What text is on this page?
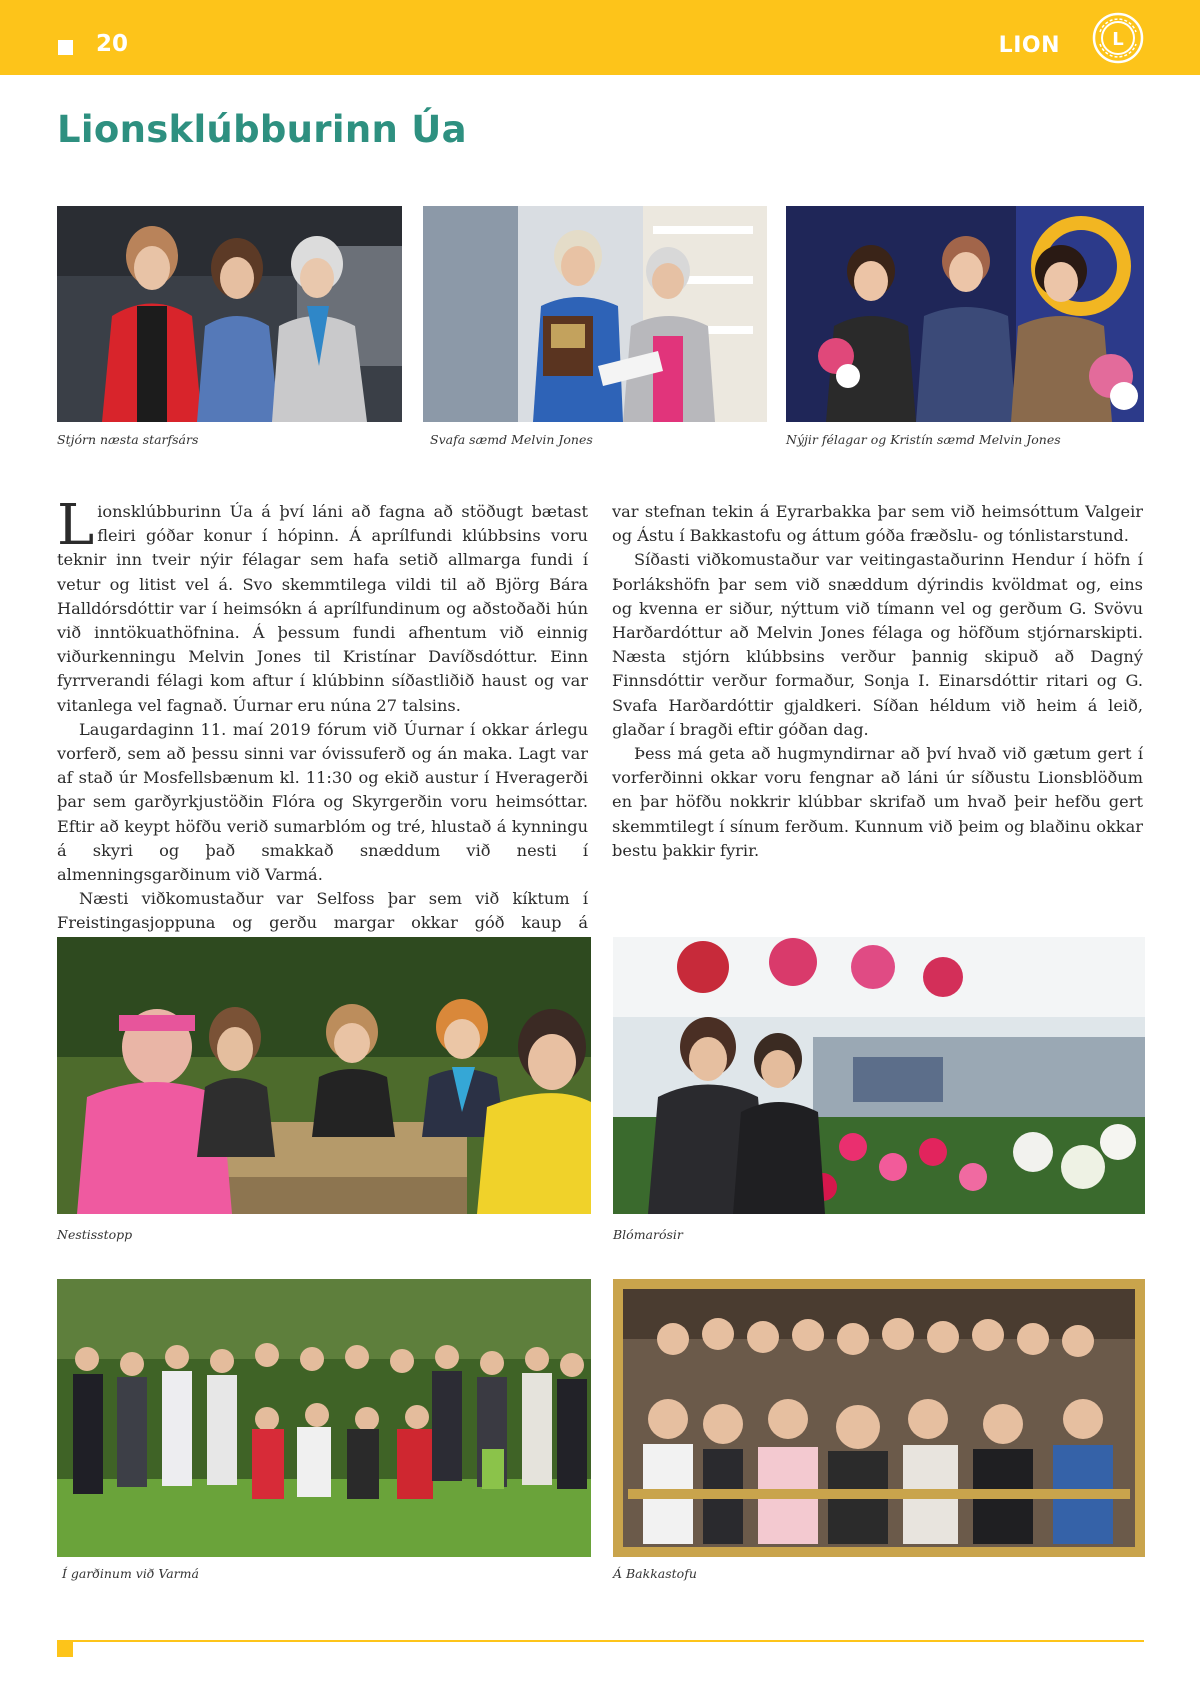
20	LION	L
Lionsklúbburinn Úa
Stjórn næsta starfsárs	Svafa sæmd Melvin Jones	Nýjir félagar og Kristín sæmd Melvin Jones

Lionsklúbburinn Úa á því láni að fagna að stöðugt bætast fleiri góðar konur í hópinn. Á aprílfundi klúbbsins voru teknir inn tveir nýir félagar sem hafa setið allmarga fundi í vetur og litist vel á. Svo skemmtilega vildi til að Björg Bára Halldórsdóttir var í heimsókn á aprílfundinum og aðstoðaði hún við inntökuathöfnina. Á þessum fundi afhentum við einnig viðurkenningu Melvin Jones til Kristínar Davíðsdóttur. Einn fyrrverandi félagi kom aftur í klúbbinn síðastliðið haust og var vitanlega vel fagnað. Úurnar eru núna 27 talsins.

Laugardaginn 11. maí 2019 fórum við Úurnar í okkar árlegu vorferð, sem að þessu sinni var óvissuferð og án maka. Lagt var af stað úr Mosfellsbænum kl. 11:30 og ekið austur í Hveragerði þar sem garðyrkjustöðin Flóra og Skyrgerðin voru heimsóttar. Eftir að keypt höfðu verið sumarblóm og tré, hlustað á kynningu á skyri og það smakkað snæddum við nesti í almenningsgarðinum við Varmá.

Næsti viðkomustaður var Selfoss þar sem við kíktum í Freistingasjoppuna og gerðu margar okkar góð kaup á

var stefnan tekin á Eyrarbakka þar sem við heimsóttum Valgeir og Ástu í Bakkastofu og áttum góða fræðslu- og tónlistarstund.

Síðasti viðkomustaður var veitingastaðurinn Hendur í höfn í Þorlákshöfn þar sem við snæddum dýrindis kvöldmat og, eins og kvenna er siður, nýttum við tímann vel og gerðum G. Svövu Harðardóttur að Melvin Jones félaga og höfðum stjórnarskipti. Næsta stjórn klúbbsins verður þannig skipuð að Dagný Finnsdóttir verður formaður, Sonja I. Einarsdóttir ritari og G. Svafa Harðardóttir gjaldkeri. Síðan héldum við heim á leið, glaðar í bragði eftir góðan dag.

Þess má geta að hugmyndirnar að því hvað við gætum gert í vorferðinni okkar voru fengnar að láni úr síðustu Lionsblöðum en þar höfðu nokkrir klúbbar skrifað um hvað þeir hefðu gert skemmtilegt í sínum ferðum. Kunnum við þeim og blaðinu okkar bestu þakkir fyrir.

Nestisstopp	Blómarósir
Í garðinum við Varmá	Á Bakkastofu
